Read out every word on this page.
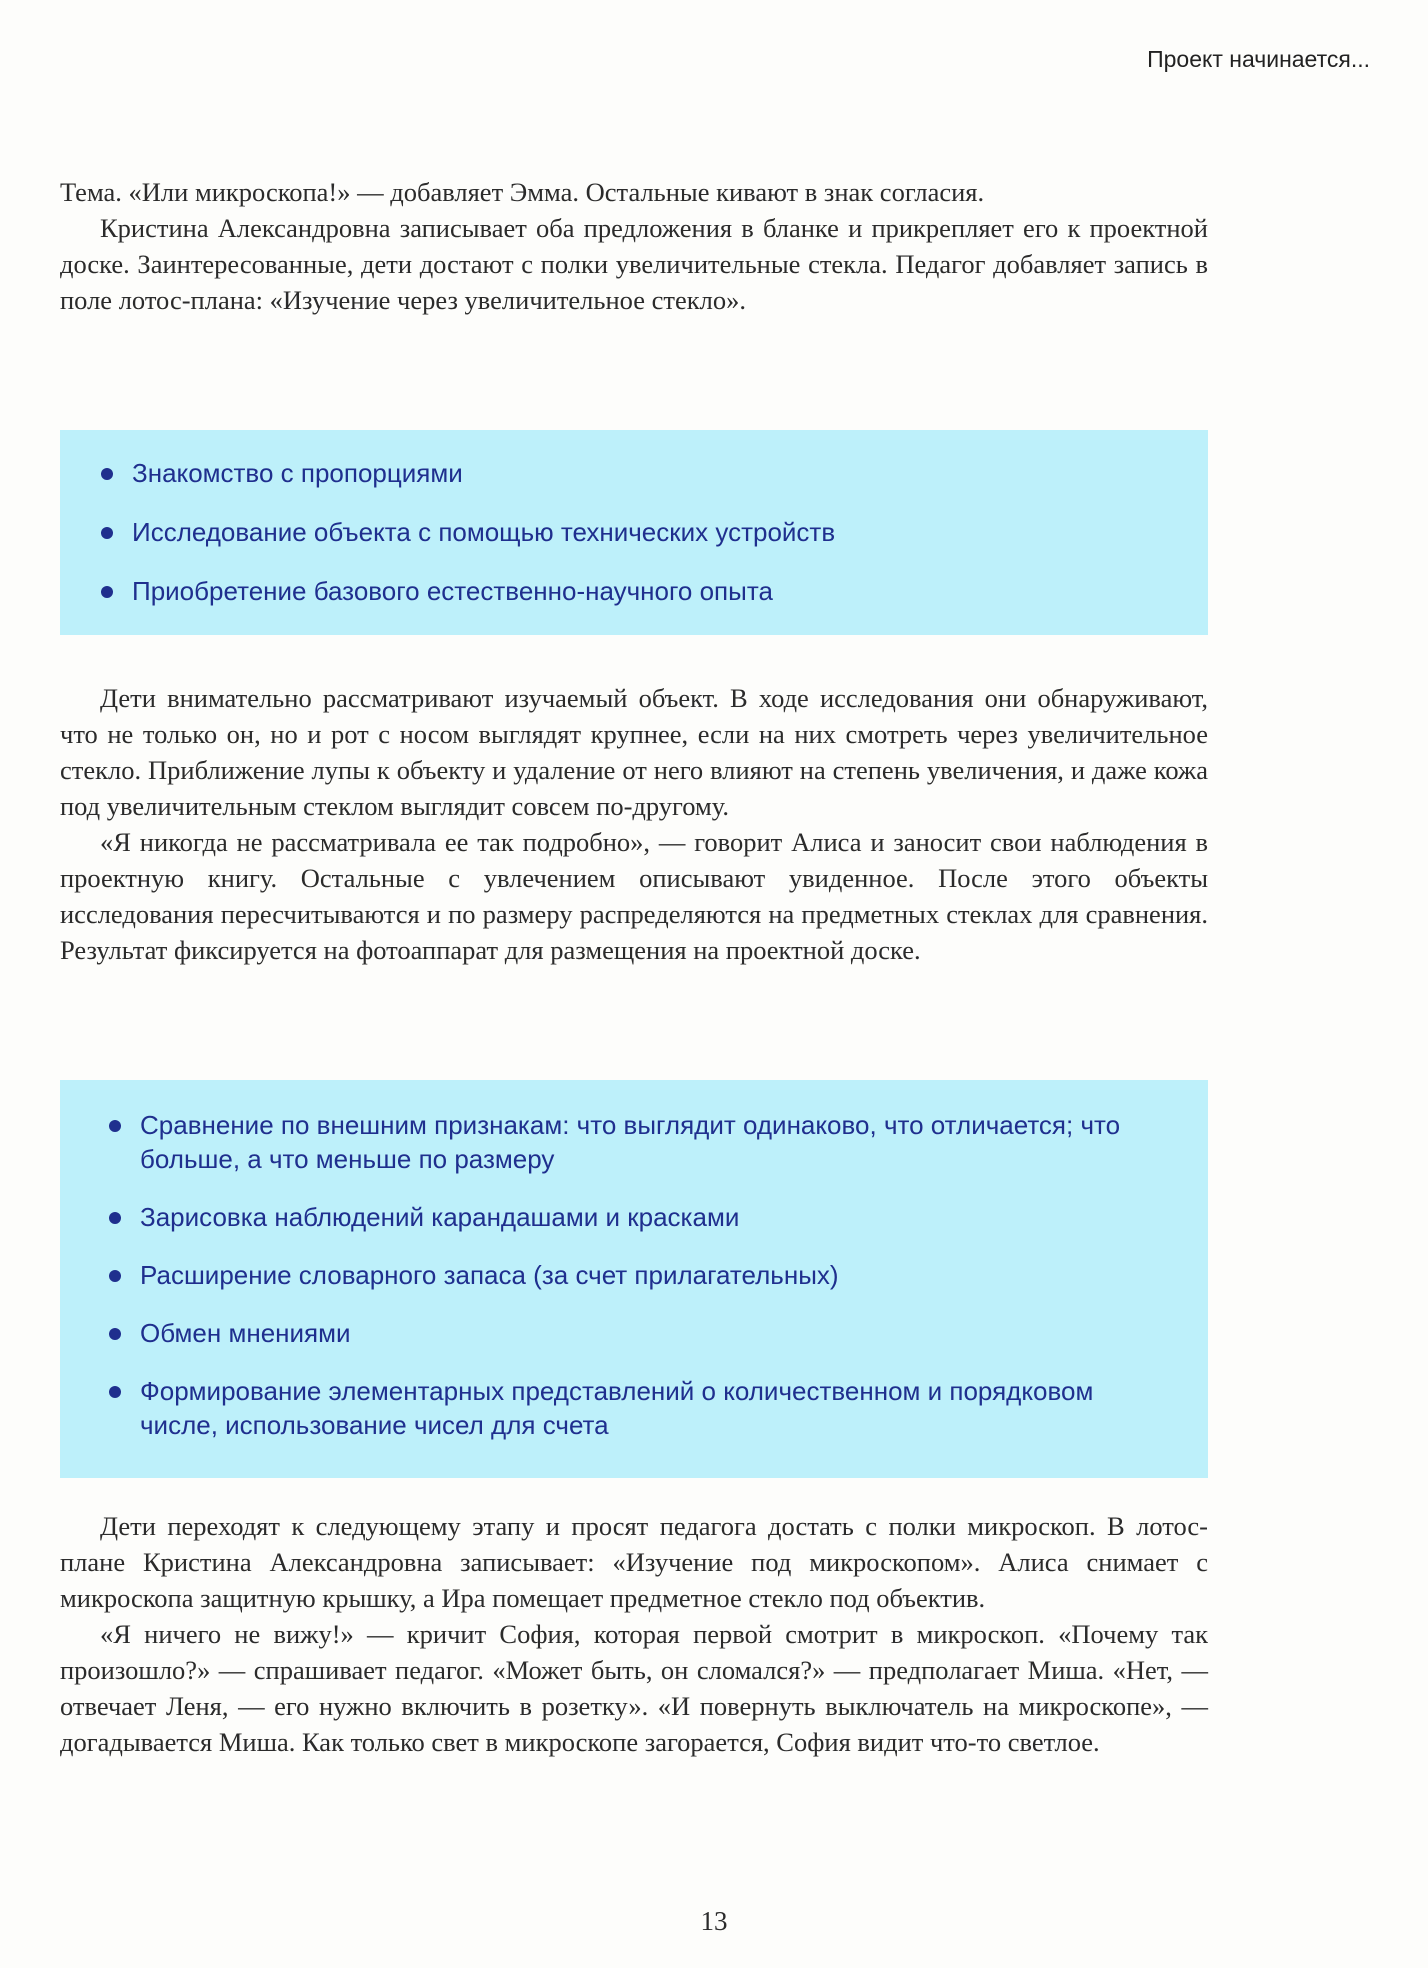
Проект начинается...

Тема. «Или микроскопа!» — добавляет Эмма. Остальные кивают в знак согласия.

Кристина Александровна записывает оба предложения в бланке и прикрепляет его к проектной доске. Заинтересованные, дети достают с полки увеличительные стекла. Педагог добавляет запись в поле лотос-плана: «Изучение через увеличительное стекло».

Знакомство с пропорциями
Исследование объекта с помощью технических устройств
Приобретение базового естественно-научного опыта

Дети внимательно рассматривают изучаемый объект. В ходе исследования они обнаруживают, что не только он, но и рот с носом выглядят крупнее, если на них смотреть через увеличительное стекло. Приближение лупы к объекту и удаление от него влияют на степень увеличения, и даже кожа под увеличительным стеклом выглядит совсем по-другому.

«Я никогда не рассматривала ее так подробно», — говорит Алиса и заносит свои наблюдения в проектную книгу. Остальные с увлечением описывают увиденное. После этого объекты исследования пересчитываются и по размеру распределяются на предметных стеклах для сравнения. Результат фиксируется на фотоаппарат для размещения на проектной доске.

Сравнение по внешним признакам: что выглядит одинаково, что отличается; что больше, а что меньше по размеру
Зарисовка наблюдений карандашами и красками
Расширение словарного запаса (за счет прилагательных)
Обмен мнениями
Формирование элементарных представлений о количественном и порядковом числе, использование чисел для счета

Дети переходят к следующему этапу и просят педагога достать с полки микроскоп. В лотос-плане Кристина Александровна записывает: «Изучение под микроскопом». Алиса снимает с микроскопа защитную крышку, а Ира помещает предметное стекло под объектив.

«Я ничего не вижу!» — кричит София, которая первой смотрит в микроскоп. «Почему так произошло?» — спрашивает педагог. «Может быть, он сломался?» — предполагает Миша. «Нет, — отвечает Леня, — его нужно включить в розетку». «И повернуть выключатель на микроскопе», — догадывается Миша. Как только свет в микроскопе загорается, София видит что-то светлое.

13
